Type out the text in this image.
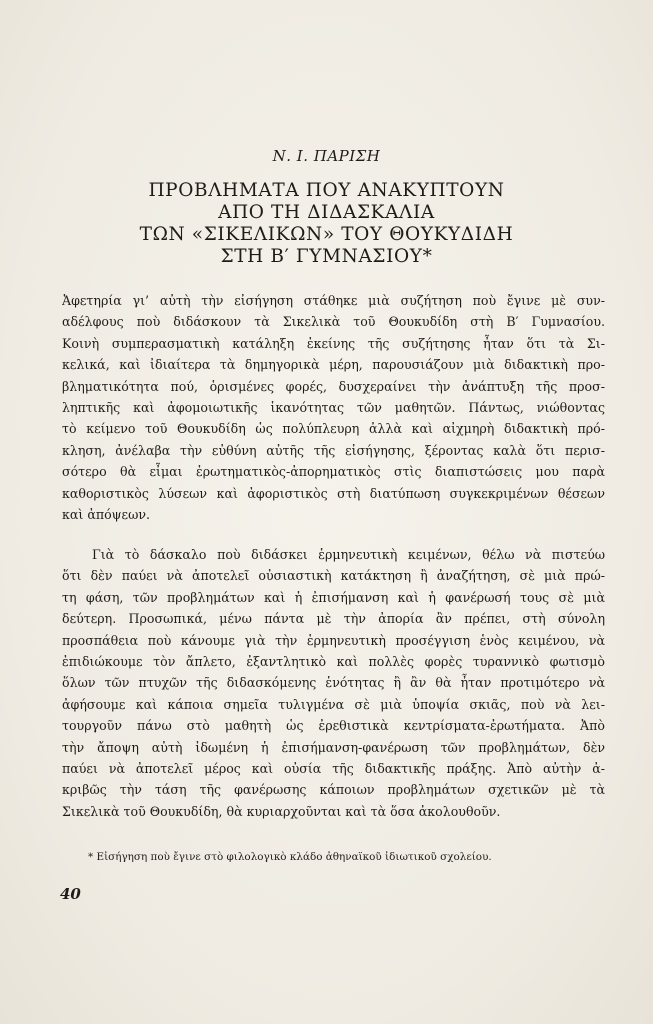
Ν. Ι. ΠΑΡΙΣΗ
ΠΡΟΒΛΗΜΑΤΑ ΠΟΥ ΑΝΑΚΥΠΤΟΥΝ
ΑΠΟ ΤΗ ΔΙΔΑΣΚΑΛΙΑ
ΤΩΝ «ΣΙΚΕΛΙΚΩΝ» ΤΟΥ ΘΟΥΚΥΔΙΔΗ
ΣΤΗ Β′ ΓΥΜΝΑΣΙΟΥ*
Ἀφετηρία γι’ αὐτὴ τὴν εἰσήγηση στάθηκε μιὰ συζήτηση ποὺ ἔγινε μὲ συν-
αδέλφους ποὺ διδάσκουν τὰ Σικελικὰ τοῦ Θουκυδίδη στὴ Β′ Γυμνασίου.
Κοινὴ συμπερασματικὴ κατάληξη ἐκείνης τῆς συζήτησης ἦταν ὅτι τὰ Σι-
κελικά, καὶ ἰδιαίτερα τὰ δημηγορικὰ μέρη, παρουσιάζουν μιὰ διδακτικὴ προ-
βληματικότητα πού, ὁρισμένες φορές, δυσχεραίνει τὴν ἀνάπτυξη τῆς προσ-
ληπτικῆς καὶ ἀφομοιωτικῆς ἱκανότητας τῶν μαθητῶν. Πάντως, νιώθοντας
τὸ κείμενο τοῦ Θουκυδίδη ὡς πολύπλευρη ἀλλὰ καὶ αἰχμηρὴ διδακτικὴ πρό-
κληση, ἀνέλαβα τὴν εὐθύνη αὐτῆς τῆς εἰσήγησης, ξέροντας καλὰ ὅτι περισ-
σότερο θὰ εἶμαι ἐρωτηματικὸς-ἀπορηματικὸς στὶς διαπιστώσεις μου παρὰ
καθοριστικὸς λύσεων καὶ ἀφοριστικὸς στὴ διατύπωση συγκεκριμένων θέσεων
καὶ ἀπόψεων.
Γιὰ τὸ δάσκαλο ποὺ διδάσκει ἑρμηνευτικὴ κειμένων, θέλω νὰ πιστεύω
ὅτι δὲν παύει νὰ ἀποτελεῖ οὐσιαστικὴ κατάκτηση ἢ ἀναζήτηση, σὲ μιὰ πρώ-
τη φάση, τῶν προβλημάτων καὶ ἡ ἐπισήμανση καὶ ἡ φανέρωσή τους σὲ μιὰ
δεύτερη. Προσωπικά, μένω πάντα μὲ τὴν ἀπορία ἂν πρέπει, στὴ σύνολη
προσπάθεια ποὺ κάνουμε γιὰ τὴν ἑρμηνευτικὴ προσέγγιση ἑνὸς κειμένου, νὰ
ἐπιδιώκουμε τὸν ἄπλετο, ἐξαντλητικὸ καὶ πολλὲς φορὲς τυραννικὸ φωτισμὸ
ὅλων τῶν πτυχῶν τῆς διδασκόμενης ἑνότητας ἢ ἂν θὰ ἦταν προτιμότερο νὰ
ἀφήσουμε καὶ κάποια σημεῖα τυλιγμένα σὲ μιὰ ὑποψία σκιᾶς, ποὺ νὰ λει-
τουργοῦν πάνω στὸ μαθητὴ ὡς ἐρεθιστικὰ κεντρίσματα-ἐρωτήματα. Ἀπὸ
τὴν ἄποψη αὐτὴ ἰδωμένη ἡ ἐπισήμανση-φανέρωση τῶν προβλημάτων, δὲν
παύει νὰ ἀποτελεῖ μέρος καὶ οὐσία τῆς διδακτικῆς πράξης. Ἀπὸ αὐτὴν ἀ-
κριβῶς τὴν τάση τῆς φανέρωσης κάποιων προβλημάτων σχετικῶν μὲ τὰ
Σικελικὰ τοῦ Θουκυδίδη, θὰ κυριαρχοῦνται καὶ τὰ ὅσα ἀκολουθοῦν.
* Εἰσήγηση ποὺ ἔγινε στὸ φιλολογικὸ κλάδο ἀθηναϊκοῦ ἰδιωτικοῦ σχολείου.
40
